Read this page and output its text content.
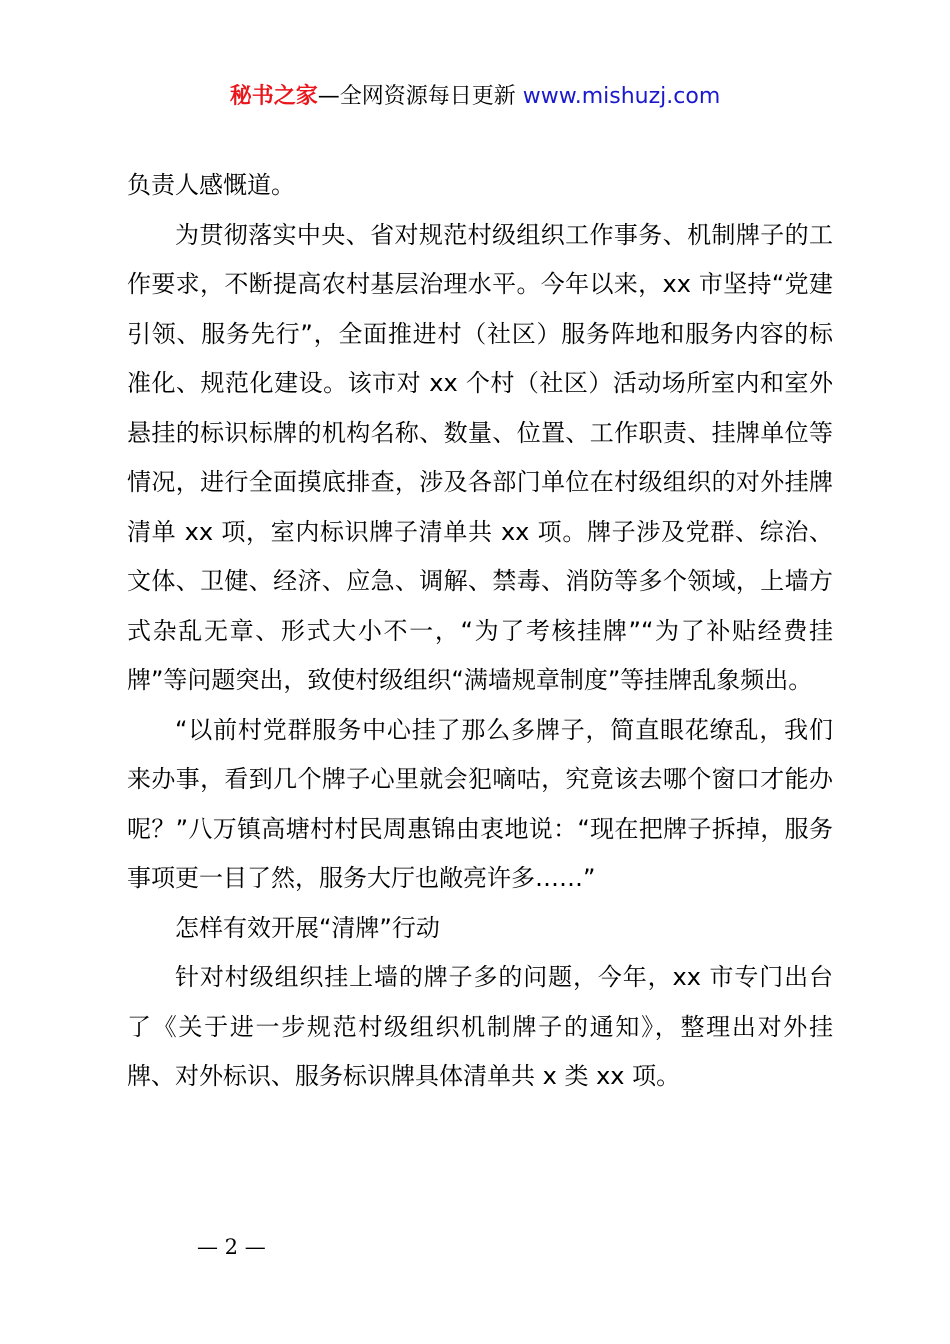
秘书之家—全网资源每日更新 www.mishuzj.com

负责人感慨道。

为贯彻落实中央、省对规范村级组织工作事务、机制牌子的工作要求，不断提高农村基层治理水平。今年以来，xx 市坚持“党建引领、服务先行”，全面推进村（社区）服务阵地和服务内容的标准化、规范化建设。该市对 xx 个村（社区）活动场所室内和室外悬挂的标识标牌的机构名称、数量、位置、工作职责、挂牌单位等情况，进行全面摸底排查，涉及各部门单位在村级组织的对外挂牌清单 xx 项，室内标识牌子清单共 xx 项。牌子涉及党群、综治、文体、卫健、经济、应急、调解、禁毒、消防等多个领域，上墙方式杂乱无章、形式大小不一，“为了考核挂牌”“为了补贴经费挂牌”等问题突出，致使村级组织“满墙规章制度”等挂牌乱象频出。

“以前村党群服务中心挂了那么多牌子，简直眼花缭乱，我们来办事，看到几个牌子心里就会犯嘀咕，究竟该去哪个窗口才能办呢？”八万镇高塘村村民周惠锦由衷地说：“现在把牌子拆掉，服务事项更一目了然，服务大厅也敞亮许多……”

怎样有效开展“清牌”行动

针对村级组织挂上墙的牌子多的问题，今年，xx 市专门出台了《关于进一步规范村级组织机制牌子的通知》，整理出对外挂牌、对外标识、服务标识牌具体清单共 x 类 xx 项。

— 2 —
